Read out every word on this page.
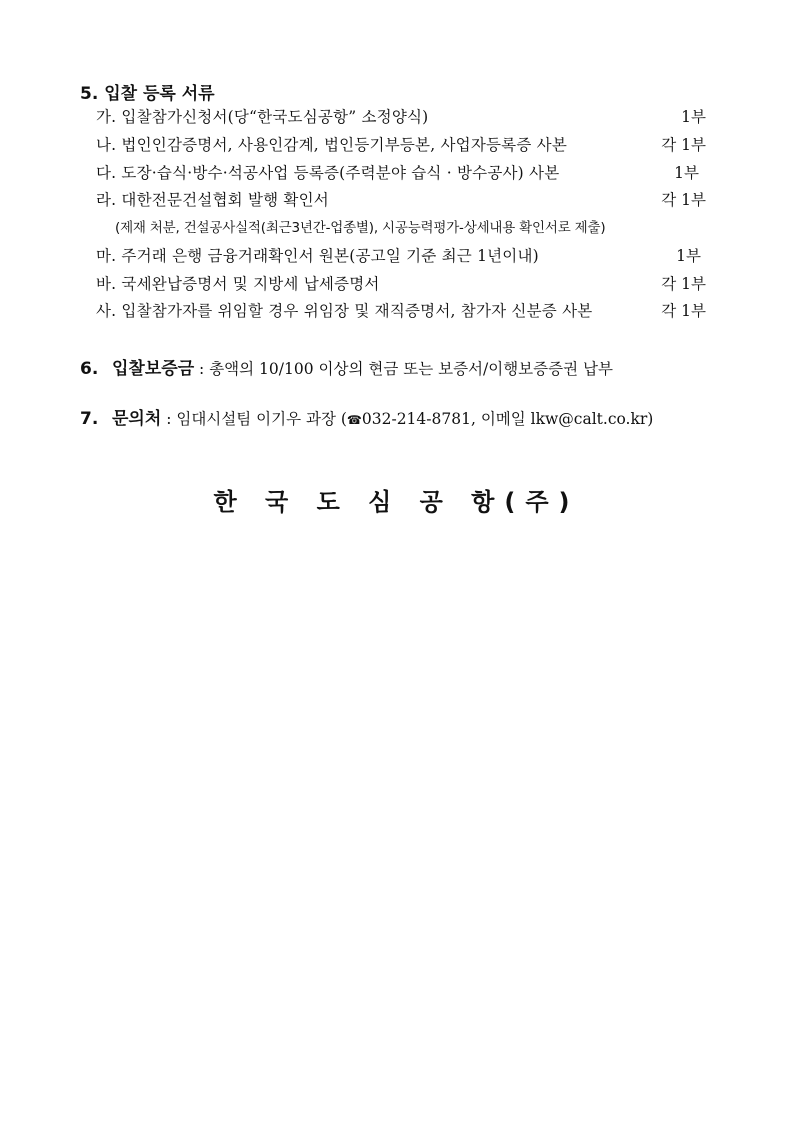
5. 입찰 등록 서류
가. 입찰참가신청서(당“한국도심공항” 소정양식)	1부
나. 법인인감증명서, 사용인감계, 법인등기부등본, 사업자등록증 사본	각 1부
다. 도장·습식·방수·석공사업 등록증(주력분야 습식 · 방수공사) 사본	1부
라. 대한전문건설협회 발행 확인서	각 1부
(제재 처분, 건설공사실적(최근3년간-업종별), 시공능력평가-상세내용 확인서로 제출)
마. 주거래 은행 금융거래확인서 원본(공고일 기준 최근 1년이내)	1부
바. 국세완납증명서 및 지방세 납세증명서	각 1부
사. 입찰참가자를 위임할 경우 위임장 및 재직증명서, 참가자 신분증 사본	각 1부
6. 입찰보증금 : 총액의 10/100 이상의 현금 또는 보증서/이행보증증권 납부
7. 문의처 : 임대시설팀 이기우 과장 (☎032-214-8781, 이메일 lkw@calt.co.kr)
한 국 도 심 공 항(주)
